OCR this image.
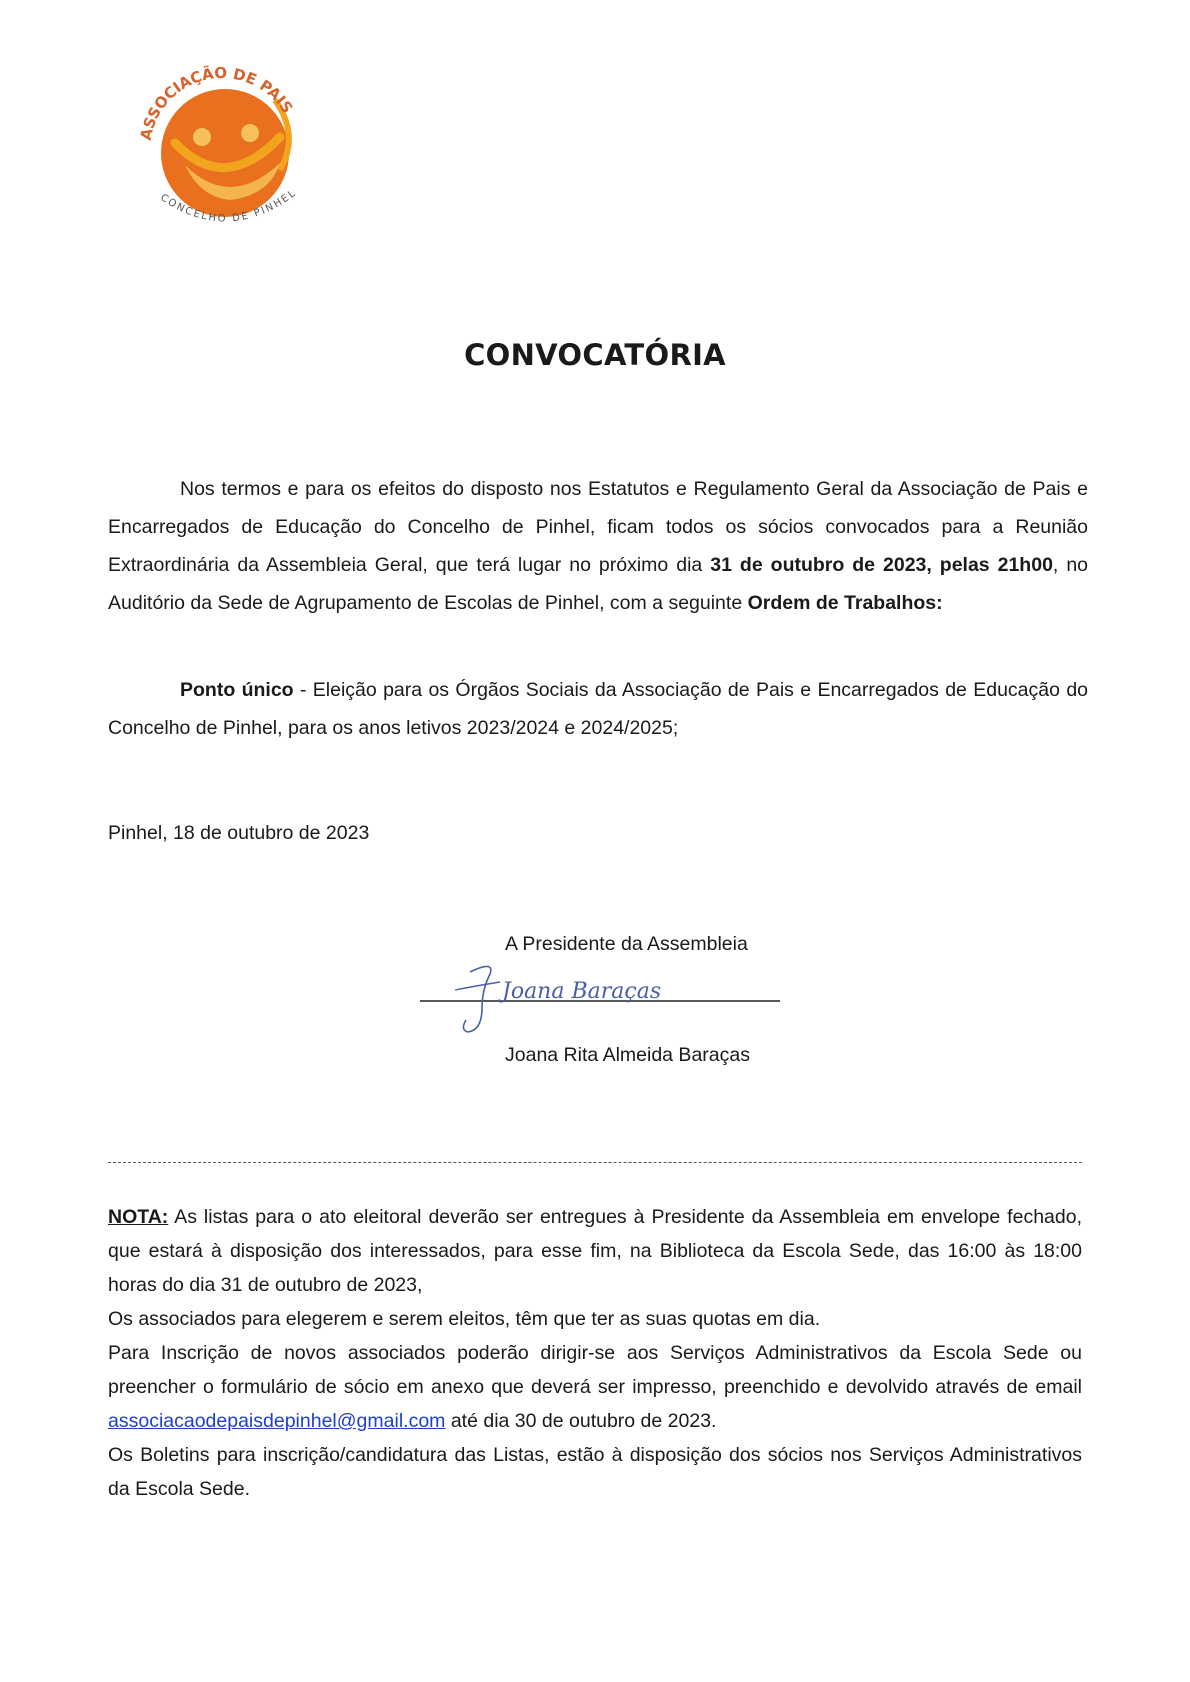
ASSOCIAÇÃO DE PAIS
CONCELHO DE PINHEL
CONVOCATÓRIA

Nos termos e para os efeitos do disposto nos Estatutos e Regulamento Geral da Associação de Pais e Encarregados de Educação do Concelho de Pinhel, ficam todos os sócios convocados para a Reunião Extraordinária da Assembleia Geral, que terá lugar no próximo dia 31 de outubro de 2023, pelas 21h00, no Auditório da Sede de Agrupamento de Escolas de Pinhel, com a seguinte Ordem de Trabalhos:

Ponto único - Eleição para os Órgãos Sociais da Associação de Pais e Encarregados de Educação do Concelho de Pinhel, para os anos letivos 2023/2024 e 2024/2025;

Pinhel, 18 de outubro de 2023
A Presidente da Assembleia
Joana Baraças
Joana Rita Almeida Baraças

NOTA: As listas para o ato eleitoral deverão ser entregues à Presidente da Assembleia em envelope fechado, que estará à disposição dos interessados, para esse fim, na Biblioteca da Escola Sede, das 16:00 às 18:00 horas do dia 31 de outubro de 2023,

Os associados para elegerem e serem eleitos, têm que ter as suas quotas em dia.

Para Inscrição de novos associados poderão dirigir-se aos Serviços Administrativos da Escola Sede ou preencher o formulário de sócio em anexo que deverá ser impresso, preenchido e devolvido através de email associacaodepaisdepinhel@gmail.com até dia 30 de outubro de 2023.

Os Boletins para inscrição/candidatura das Listas, estão à disposição dos sócios nos Serviços Administrativos da Escola Sede.
